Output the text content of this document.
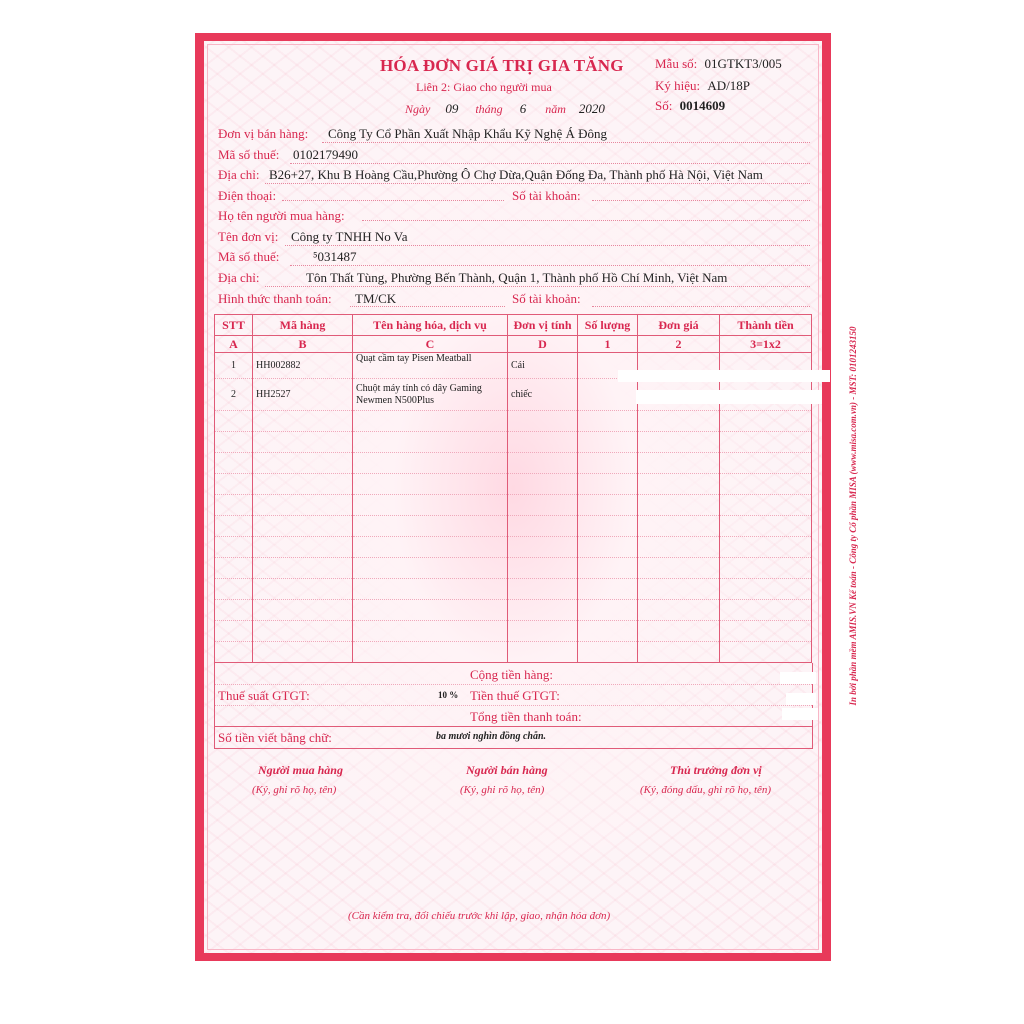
HÓA ĐƠN GIÁ TRỊ GIA TĂNG
Liên 2: Giao cho người mua
Ngày 09 tháng 6 năm 2020
Mẫu số: 01GTKT3/005
Ký hiệu: AD/18P
Số: 0014609
Đơn vị bán hàng: Công Ty Cổ Phần Xuất Nhập Khẩu Kỹ Nghệ Á Đông
Mã số thuế: 0102179490
Địa chỉ: B26+27, Khu B Hoàng Cầu,Phường Ô Chợ Dừa,Quận Đống Đa, Thành phố Hà Nội, Việt Nam
Điện thoại:	Số tài khoản:
Họ tên người mua hàng:
Tên đơn vị: Công ty TNHH No Va
Mã số thuế:	⁵031487
Địa chỉ:	Tôn Thất Tùng, Phường Bến Thành, Quận 1, Thành phố Hồ Chí Minh, Việt Nam
Hình thức thanh toán: TM/CK	Số tài khoản:
STT	Mã hàng	Tên hàng hóa, dịch vụ	Đơn vị tính	Số lượng	Đơn giá	Thành tiền
A	B	C	D	1	2	3=1x2
1	HH002882	Quạt cầm tay Pisen Meatball	Cái			
2	HH2527	Chuột máy tính có dây Gaming Newmen N500Plus	chiếc			

Cộng tiền hàng:
Thuế suất GTGT:	10 % Tiền thuế GTGT:
Tổng tiền thanh toán:
Số tiền viết bằng chữ:	ba mươi nghìn đồng chẵn.
Người mua hàng
(Ký, ghi rõ họ, tên)
Người bán hàng
(Ký, ghi rõ họ, tên)
Thủ trưởng đơn vị
(Ký, đóng dấu, ghi rõ họ, tên)
(Cần kiểm tra, đối chiếu trước khi lập, giao, nhận hóa đơn)
In bởi phần mềm AMIS.VN Kế toán - Công ty Cổ phần MISA (www.misa.com.vn) - MST: 0101243150
